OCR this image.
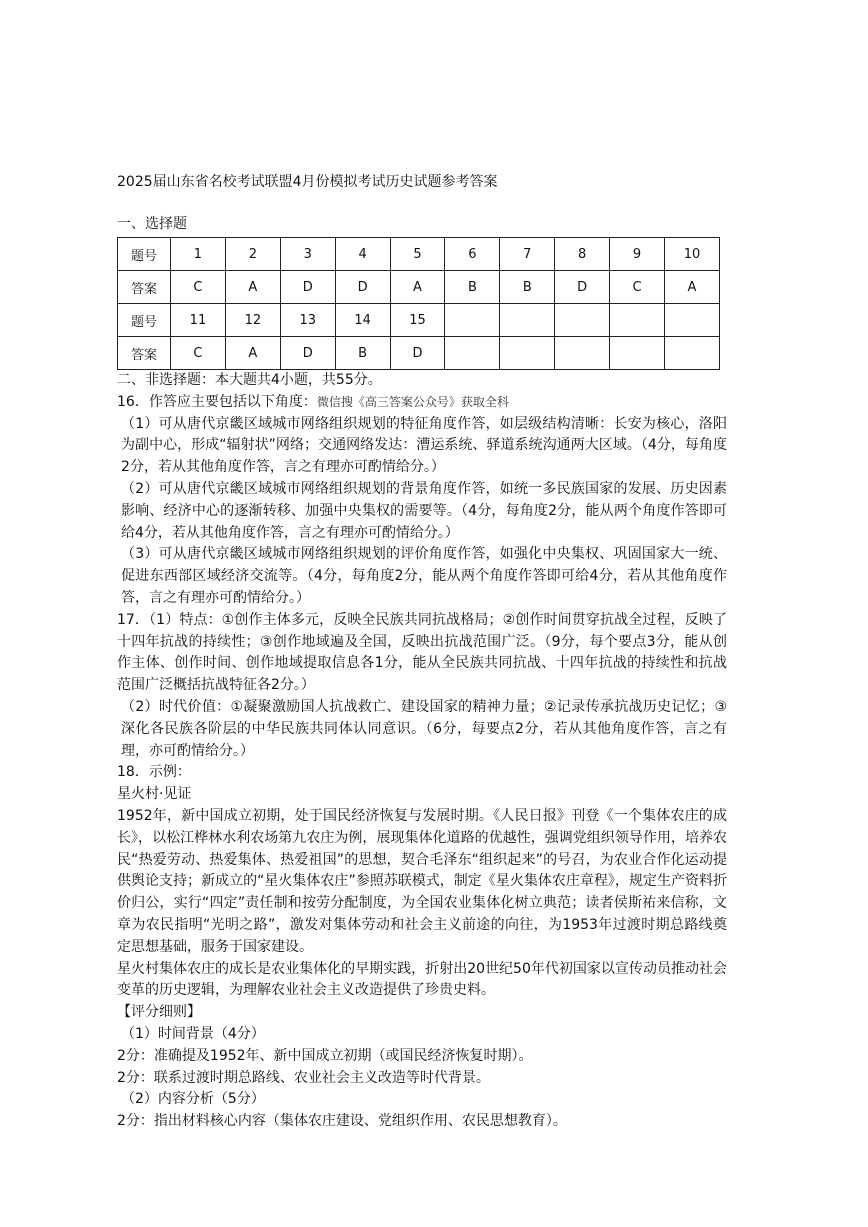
2025届山东省名校考试联盟4月份模拟考试历史试题参考答案

一、选择题

题号	1	2	3	4	5	6	7	8	9	10
答案	C	A	D	D	A	B	B	D	C	A
题号	11	12	13	14	15					
答案	C	A	D	B	D					

二、非选择题：本大题共4小题，共55分。

16．作答应主要包括以下角度：微信搜《高三答案公众号》获取全科

（1）可从唐代京畿区域城市网络组织规划的特征角度作答，如层级结构清晰：长安为核心，洛阳为副中心，形成“辐射状”网络；交通网络发达：漕运系统、驿道系统沟通两大区域。（4分，每角度2分，若从其他角度作答，言之有理亦可酌情给分。）

（2）可从唐代京畿区域城市网络组织规划的背景角度作答，如统一多民族国家的发展、历史因素影响、经济中心的逐渐转移、加强中央集权的需要等。（4分，每角度2分，能从两个角度作答即可给4分，若从其他角度作答，言之有理亦可酌情给分。）

（3）可从唐代京畿区域城市网络组织规划的评价角度作答，如强化中央集权、巩固国家大一统、促进东西部区域经济交流等。（4分，每角度2分，能从两个角度作答即可给4分，若从其他角度作答，言之有理亦可酌情给分。）

17．（1）特点：①创作主体多元，反映全民族共同抗战格局；②创作时间贯穿抗战全过程，反映了十四年抗战的持续性；③创作地域遍及全国，反映出抗战范围广泛。（9分，每个要点3分，能从创作主体、创作时间、创作地域提取信息各1分，能从全民族共同抗战、十四年抗战的持续性和抗战范围广泛概括抗战特征各2分。）

（2）时代价值：①凝聚激励国人抗战救亡、建设国家的精神力量；②记录传承抗战历史记忆；③深化各民族各阶层的中华民族共同体认同意识。（6分，每要点2分，若从其他角度作答，言之有理，亦可酌情给分。）

18．示例：

星火村·见证

1952年，新中国成立初期，处于国民经济恢复与发展时期。《人民日报》刊登《一个集体农庄的成长》，以松江桦林水利农场第九农庄为例，展现集体化道路的优越性，强调党组织领导作用，培养农民“热爱劳动、热爱集体、热爱祖国”的思想，契合毛泽东“组织起来”的号召，为农业合作化运动提供舆论支持；新成立的“星火集体农庄”参照苏联模式，制定《星火集体农庄章程》，规定生产资料折价归公，实行“四定”责任制和按劳分配制度，为全国农业集体化树立典范；读者侯斯祐来信称，文章为农民指明“光明之路”，激发对集体劳动和社会主义前途的向往，为1953年过渡时期总路线奠定思想基础，服务于国家建设。

星火村集体农庄的成长是农业集体化的早期实践，折射出20世纪50年代初国家以宣传动员推动社会变革的历史逻辑，为理解农业社会主义改造提供了珍贵史料。

【评分细则】

（1）时间背景（4分）

2分：准确提及1952年、新中国成立初期（或国民经济恢复时期）。

2分：联系过渡时期总路线、农业社会主义改造等时代背景。

（2）内容分析（5分）

2分：指出材料核心内容（集体农庄建设、党组织作用、农民思想教育）。
